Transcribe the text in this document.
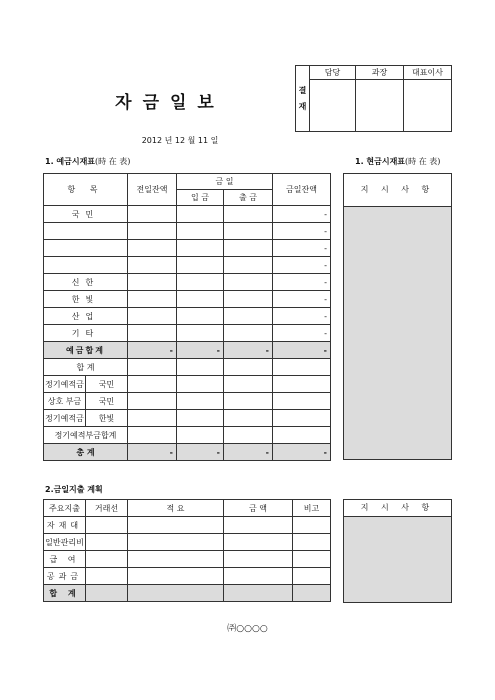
결재	담당	과장	대표이사

자금일보
2012 년 12 월 11 일
1. 예금시재표(時 在 表)	1. 현금시재표(時 在 表)
항 목		전일잔액	금 일		금일잔액
			입 금	출 금	
국민					-
					-
					-
					-
신한					-
한빛					-
산업					-
기타					-
예금합계		-	-	-	-
합 계					
정기예적금	국민				
상호 부금	국민				
정기예적금	한빛				
정기예적부금합계					
총 계		-	-	-	-
지 시 사 항
2.금일지출 계획
주요지출	거래선	적 요	금 액	비고
자재대				
일반관리비				
급 여				
공과금				
합 계				
지 시 사 항
㈜○○○○
